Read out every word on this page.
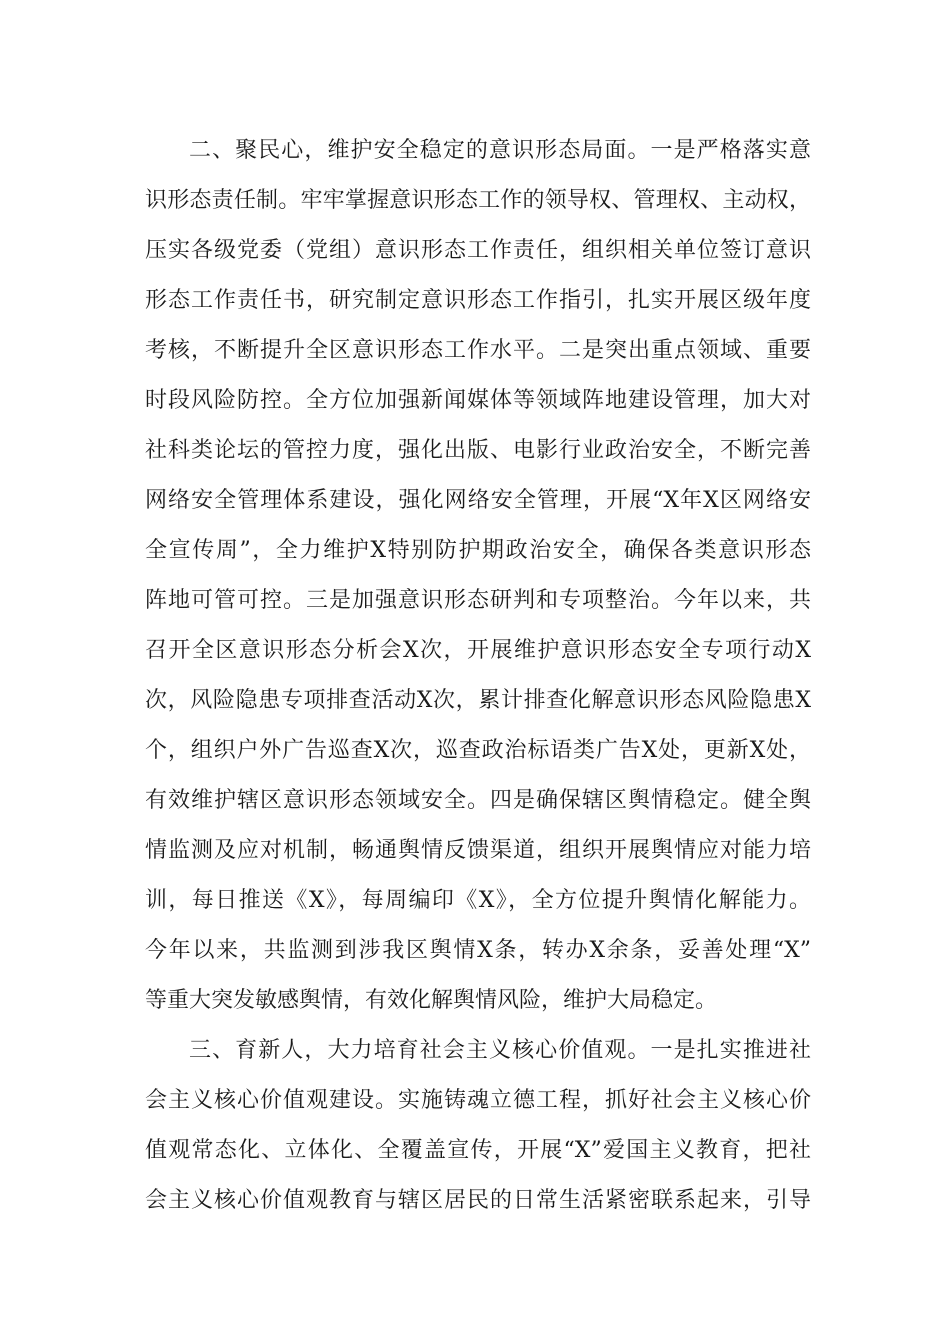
二、聚民心，维护安全稳定的意识形态局面。一是严格落实意
识形态责任制。牢牢掌握意识形态工作的领导权、管理权、主动权，
压实各级党委（党组）意识形态工作责任，组织相关单位签订意识
形态工作责任书，研究制定意识形态工作指引，扎实开展区级年度
考核，不断提升全区意识形态工作水平。二是突出重点领域、重要
时段风险防控。全方位加强新闻媒体等领域阵地建设管理，加大对
社科类论坛的管控力度，强化出版、电影行业政治安全，不断完善
网络安全管理体系建设，强化网络安全管理，开展“X年X区网络安
全宣传周”，全力维护X特别防护期政治安全，确保各类意识形态
阵地可管可控。三是加强意识形态研判和专项整治。今年以来，共
召开全区意识形态分析会X次，开展维护意识形态安全专项行动X
次，风险隐患专项排查活动X次，累计排查化解意识形态风险隐患X
个，组织户外广告巡查X次，巡查政治标语类广告X处，更新X处，
有效维护辖区意识形态领域安全。四是确保辖区舆情稳定。健全舆
情监测及应对机制，畅通舆情反馈渠道，组织开展舆情应对能力培
训，每日推送《X》，每周编印《X》，全方位提升舆情化解能力。
今年以来，共监测到涉我区舆情X条，转办X余条，妥善处理“X”
等重大突发敏感舆情，有效化解舆情风险，维护大局稳定。
三、育新人，大力培育社会主义核心价值观。一是扎实推进社
会主义核心价值观建设。实施铸魂立德工程，抓好社会主义核心价
值观常态化、立体化、全覆盖宣传，开展“X”爱国主义教育，把社
会主义核心价值观教育与辖区居民的日常生活紧密联系起来，引导
